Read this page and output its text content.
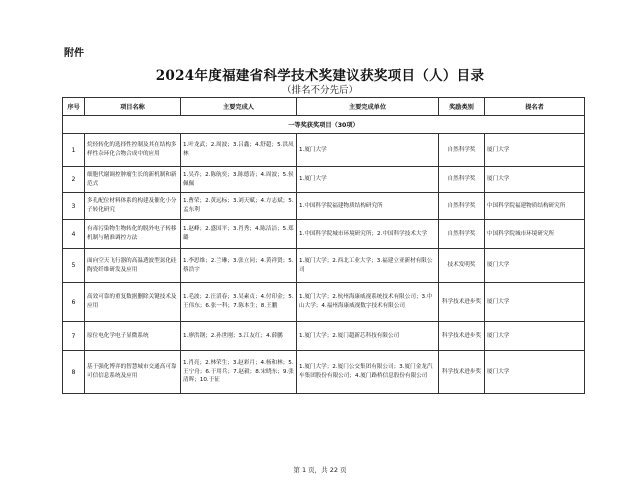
附件
2024年度福建省科学技术奖建议获奖项目（人）目录
（排名不分先后）
序号	项目名称	主要完成人	主要完成单位	奖励类别	提名者
一等奖获奖项目（30项）					
1	烷烃转化的选择性控制及其在结构多样性杂环化合物合成中的应用	1.叶龙武；2.周波；3.吕鑫；4.舒超；5.洪凤林	1.厦门大学	自然科学奖	厦门大学
2	细胞代谢调控肿瘤生长的新机制和新范式	1.吴乔；2.陈航奕；3.陈德涛；4.周波；5.侯佩佩	1.厦门大学	自然科学奖	厦门大学
3	多孔配位材料体系的构建及催化小分子转化研究	1.曹荣；2.黄远标；3.刘天赋；4.方志斌；5.孟东利	1.中国科学院福建物质结构研究所	自然科学奖	中国科学院福建物质结构研究所
4	有毒污染物生物转化的脱外电子转移机制与精准调控方法	1.赵峰；2.盛国平；3.肖秀；4.陈洁洁；5.郑璐	1.中国科学院城市环境研究所；2.中国科学技术大学	自然科学奖	中国科学院城市环境研究所
5	面向空天飞行器的高温透波型氮化硅陶瓷纤维研发及应用	1.李思维；2.兰琳；3.张立同；4.黄祥贤；5.蔡浩宇	1.厦门大学；2.西北工业大学；3.福建立亚新材有限公司	技术发明奖	厦门大学
6	高效可靠的重复数据删除关键技术及应用	1.毛波；2.汪滔春；3.吴素贞；4.付印金；5.王伟东；6.张一科；7.陈本生；8.王鹏	1.厦门大学；2.杭州海康威视系统技术有限公司；3.中山大学；4.福州海康威视数字技术有限公司	科学技术进步奖	厦门大学
7	原位电化学电子显微系统	1.廖洪钢；2.孙世刚；3.江友红；4.薛鹏	1.厦门大学；2.厦门超新芯科技有限公司	科学技术进步奖	厦门大学
8	基于强化博弈的智慧城市交通高可靠可信信息系统及应用	1.肖亮；2.林荣生；3.赵彩月；4.杨和林；5.王宁舟；6.于用兵；7.赵毅；8.宋晓东；9.张清晖；10.于征	1.厦门大学；2.厦门公交集团有限公司；3.厦门金龙汽车集团股份有限公司；4.厦门路桥信息股份有限公司	科学技术进步奖	厦门大学
第 1 页，共 22 页
